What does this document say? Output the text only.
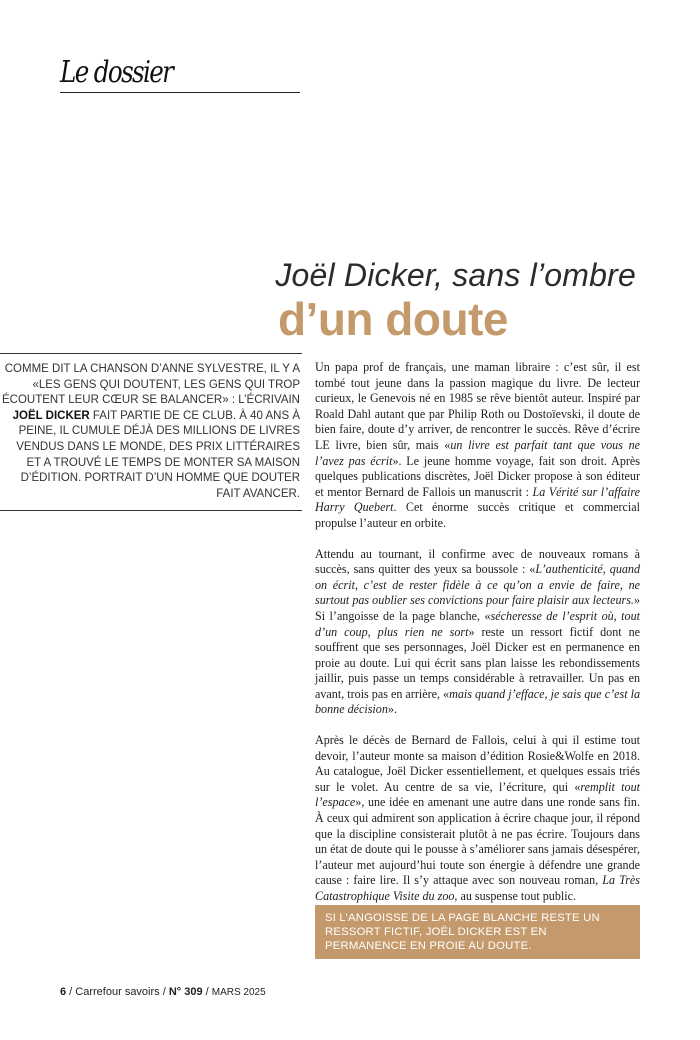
Le dossier
Joël Dicker, sans l’ombre
d’un doute

COMME DIT LA CHANSON D’ANNE SYLVESTRE, IL Y A «LES GENS QUI DOUTENT, LES GENS QUI TROP ÉCOUTENT LEUR CŒUR SE BALANCER» : L’ÉCRIVAIN JOËL DICKER FAIT PARTIE DE CE CLUB. À 40 ANS À PEINE, IL CUMULE DÉJÀ DES MILLIONS DE LIVRES VENDUS DANS LE MONDE, DES PRIX LITTÉRAIRES ET A TROUVÉ LE TEMPS DE MONTER SA MAISON D’ÉDITION. PORTRAIT D’UN HOMME QUE DOUTER FAIT AVANCER.

Un papa prof de français, une maman libraire : c’est sûr, il est tombé tout jeune dans la passion magique du livre. De lecteur curieux, le Genevois né en 1985 se rêve bientôt auteur. Inspiré par Roald Dahl autant que par Philip Roth ou Dostoïevski, il doute de bien faire, doute d’y arriver, de rencontrer le succès. Rêve d’écrire LE livre, bien sûr, mais «un livre est parfait tant que vous ne l’avez pas écrit». Le jeune homme voyage, fait son droit. Après quelques publications discrètes, Joël Dicker propose à son éditeur et mentor Bernard de Fallois un manuscrit : La Vérité sur l’affaire Harry Quebert. Cet énorme succès critique et commercial propulse l’auteur en orbite.

Attendu au tournant, il confirme avec de nouveaux romans à succès, sans quitter des yeux sa boussole : «L’authenticité, quand on écrit, c’est de rester fidèle à ce qu’on a envie de faire, ne surtout pas oublier ses convictions pour faire plaisir aux lecteurs.» Si l’angoisse de la page blanche, «sécheresse de l’esprit où, tout d’un coup, plus rien ne sort» reste un ressort fictif dont ne souffrent que ses personnages, Joël Dicker est en permanence en proie au doute. Lui qui écrit sans plan laisse les rebondissements jaillir, puis passe un temps considérable à retravailler. Un pas en avant, trois pas en arrière, «mais quand j’efface, je sais que c’est la bonne décision».

Après le décès de Bernard de Fallois, celui à qui il estime tout devoir, l’auteur monte sa maison d’édition Rosie&Wolfe en 2018. Au catalogue, Joël Dicker essentiellement, et quelques essais triés sur le volet. Au centre de sa vie, l’écriture, qui «remplit tout l’espace», une idée en amenant une autre dans une ronde sans fin. À ceux qui admirent son application à écrire chaque jour, il répond que la discipline consisterait plutôt à ne pas écrire. Toujours dans un état de doute qui le pousse à s’améliorer sans jamais désespérer, l’auteur met aujourd’hui toute son énergie à défendre une grande cause : faire lire. Il s’y attaque avec son nouveau roman, La Très Catastrophique Visite du zoo, au suspense tout public.

SI L’ANGOISSE DE LA PAGE BLANCHE RESTE UN RESSORT FICTIF, JOËL DICKER EST EN PERMANENCE EN PROIE AU DOUTE.

6 / Carrefour savoirs / N° 309 / MARS 2025
